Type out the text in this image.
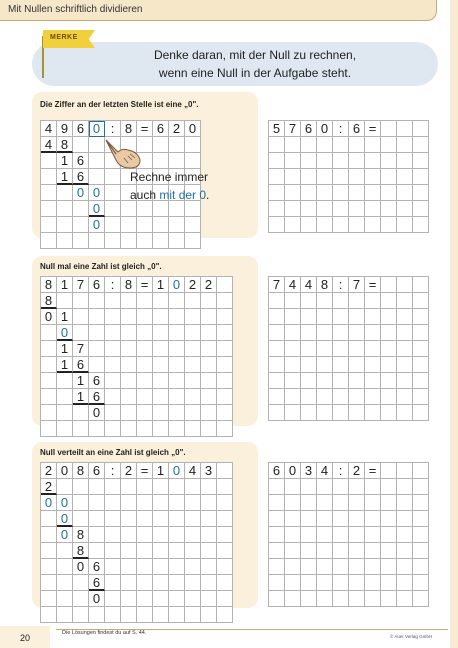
Mit Nullen schriftlich dividieren
MERKE
Denke daran, mit der Null zu rechnen,
wenn eine Null in der Aufgabe steht.
Die Ziffer an der letzten Stelle ist eine „0".
4 9 6 0 : 8 = 6 2 0
4 8
1 6
1 6
0 0
0
0
Rechne immer
auch mit der 0.
5 7 6 0 : 6 =
Null mal eine Zahl ist gleich „0".
8 1 7 6 : 8 = 1 0 2 2
8
0 1
0
1 7
1 6
1 6
1 6
0
7 4 4 8 : 7 =
Null verteilt an eine Zahl ist gleich „0".
2 0 8 6 : 2 = 1 0 4 3
2
0 0
0
0 8
8
0 6
6
0
6 0 3 4 : 2 =
20	Die Lösungen findest du auf S. 44.
© Auer Verlag GmbH
